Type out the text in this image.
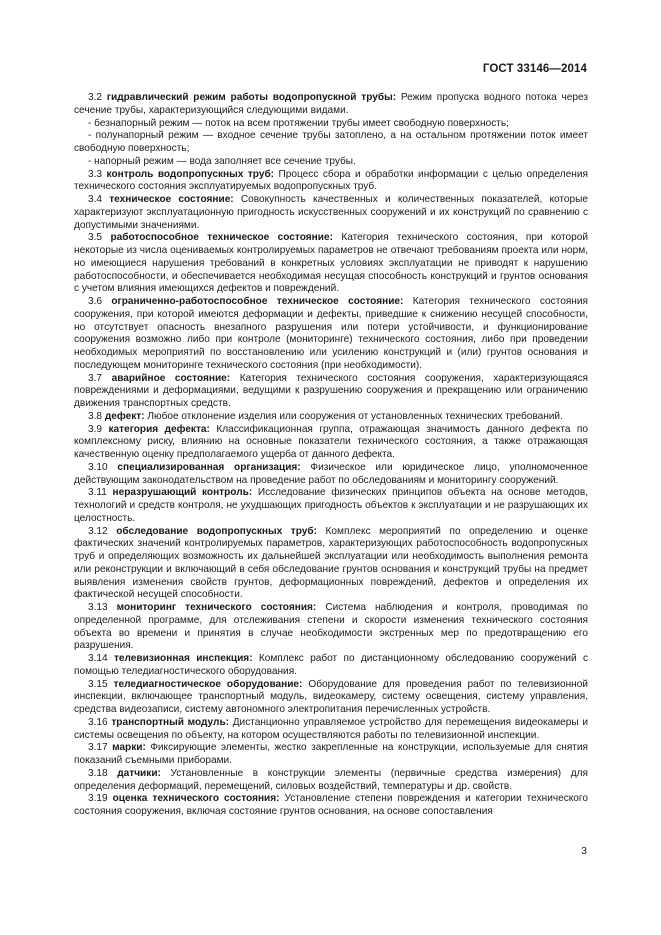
ГОСТ 33146—2014

3.2 гидравлический режим работы водопропускной трубы: Режим пропуска водного потока через сечение трубы, характеризующийся следующими видами.

- безнапорный режим — поток на всем протяжении трубы имеет свободную поверхность;

- полунапорный режим — входное сечение трубы затоплено, а на остальном протяжении поток имеет свободную поверхность;

- напорный режим — вода заполняет все сечение трубы.

3.3 контроль водопропускных труб: Процесс сбора и обработки информации с целью определения технического состояния эксплуатируемых водопропускных труб.

3.4 техническое состояние: Совокупность качественных и количественных показателей, которые характеризуют эксплуатационную пригодность искусственных сооружений и их конструкций по сравнению с допустимыми значениями.

3.5 работоспособное техническое состояние: Категория технического состояния, при которой некоторые из числа оцениваемых контролируемых параметров не отвечают требованиям проекта или норм, но имеющиеся нарушения требований в конкретных условиях эксплуатации не приводят к нарушению работоспособности, и обеспечивается необходимая несущая способность конструкций и грунтов основания с учетом влияния имеющихся дефектов и повреждений.

3.6 ограниченно-работоспособное техническое состояние: Категория технического состояния сооружения, при которой имеются деформации и дефекты, приведшие к снижению несущей способности, но отсутствует опасность внезапного разрушения или потери устойчивости, и функционирование сооружения возможно либо при контроле (мониторинге) технического состояния, либо при проведении необходимых мероприятий по восстановлению или усилению конструкций и (или) грунтов основания и последующем мониторинге технического состояния (при необходимости).

3.7 аварийное состояние: Категория технического состояния сооружения, характеризующаяся повреждениями и деформациями, ведущими к разрушению сооружения и прекращению или ограничению движения транспортных средств.

3.8 дефект: Любое отклонение изделия или сооружения от установленных технических требований.

3.9 категория дефекта: Классификационная группа, отражающая значимость данного дефекта по комплексному риску, влиянию на основные показатели технического состояния, а также отражающая качественную оценку предполагаемого ущерба от данного дефекта.

3.10 специализированная организация: Физическое или юридическое лицо, уполномоченное действующим законодательством на проведение работ по обследованиям и мониторингу сооружений.

3.11 неразрушающий контроль: Исследование физических принципов объекта на основе методов, технологий и средств контроля, не ухудшающих пригодность объектов к эксплуатации и не разрушающих их целостность.

3.12 обследование водопропускных труб: Комплекс мероприятий по определению и оценке фактических значений контролируемых параметров, характеризующих работоспособность водопропускных труб и определяющих возможность их дальнейшей эксплуатации или необходимость выполнения ремонта или реконструкции и включающий в себя обследование грунтов основания и конструкций трубы на предмет выявления изменения свойств грунтов, деформационных повреждений, дефектов и определения их фактической несущей способности.

3.13 мониторинг технического состояния: Система наблюдения и контроля, проводимая по определенной программе, для отслеживания степени и скорости изменения технического состояния объекта во времени и принятия в случае необходимости экстренных мер по предотвращению его разрушения.

3.14 телевизионная инспекция: Комплекс работ по дистанционному обследованию сооружений с помощью теледиагностического оборудования.

3.15 теледиагностическое оборудование: Оборудование для проведения работ по телевизионной инспекции, включающее транспортный модуль, видеокамеру, систему освещения, систему управления, средства видеозаписи, систему автономного электропитания перечисленных устройств.

3.16 транспортный модуль: Дистанционно управляемое устройство для перемещения видеокамеры и системы освещения по объекту, на котором осуществляются работы по телевизионной инспекции.

3.17 марки: Фиксирующие элементы, жестко закрепленные на конструкции, используемые для снятия показаний съемными приборами.

3.18 датчики: Установленные в конструкции элементы (первичные средства измерения) для определения деформаций, перемещений, силовых воздействий, температуры и др. свойств.

3.19 оценка технического состояния: Установление степени повреждения и категории технического состояния сооружения, включая состояние грунтов основания, на основе сопоставления

3
